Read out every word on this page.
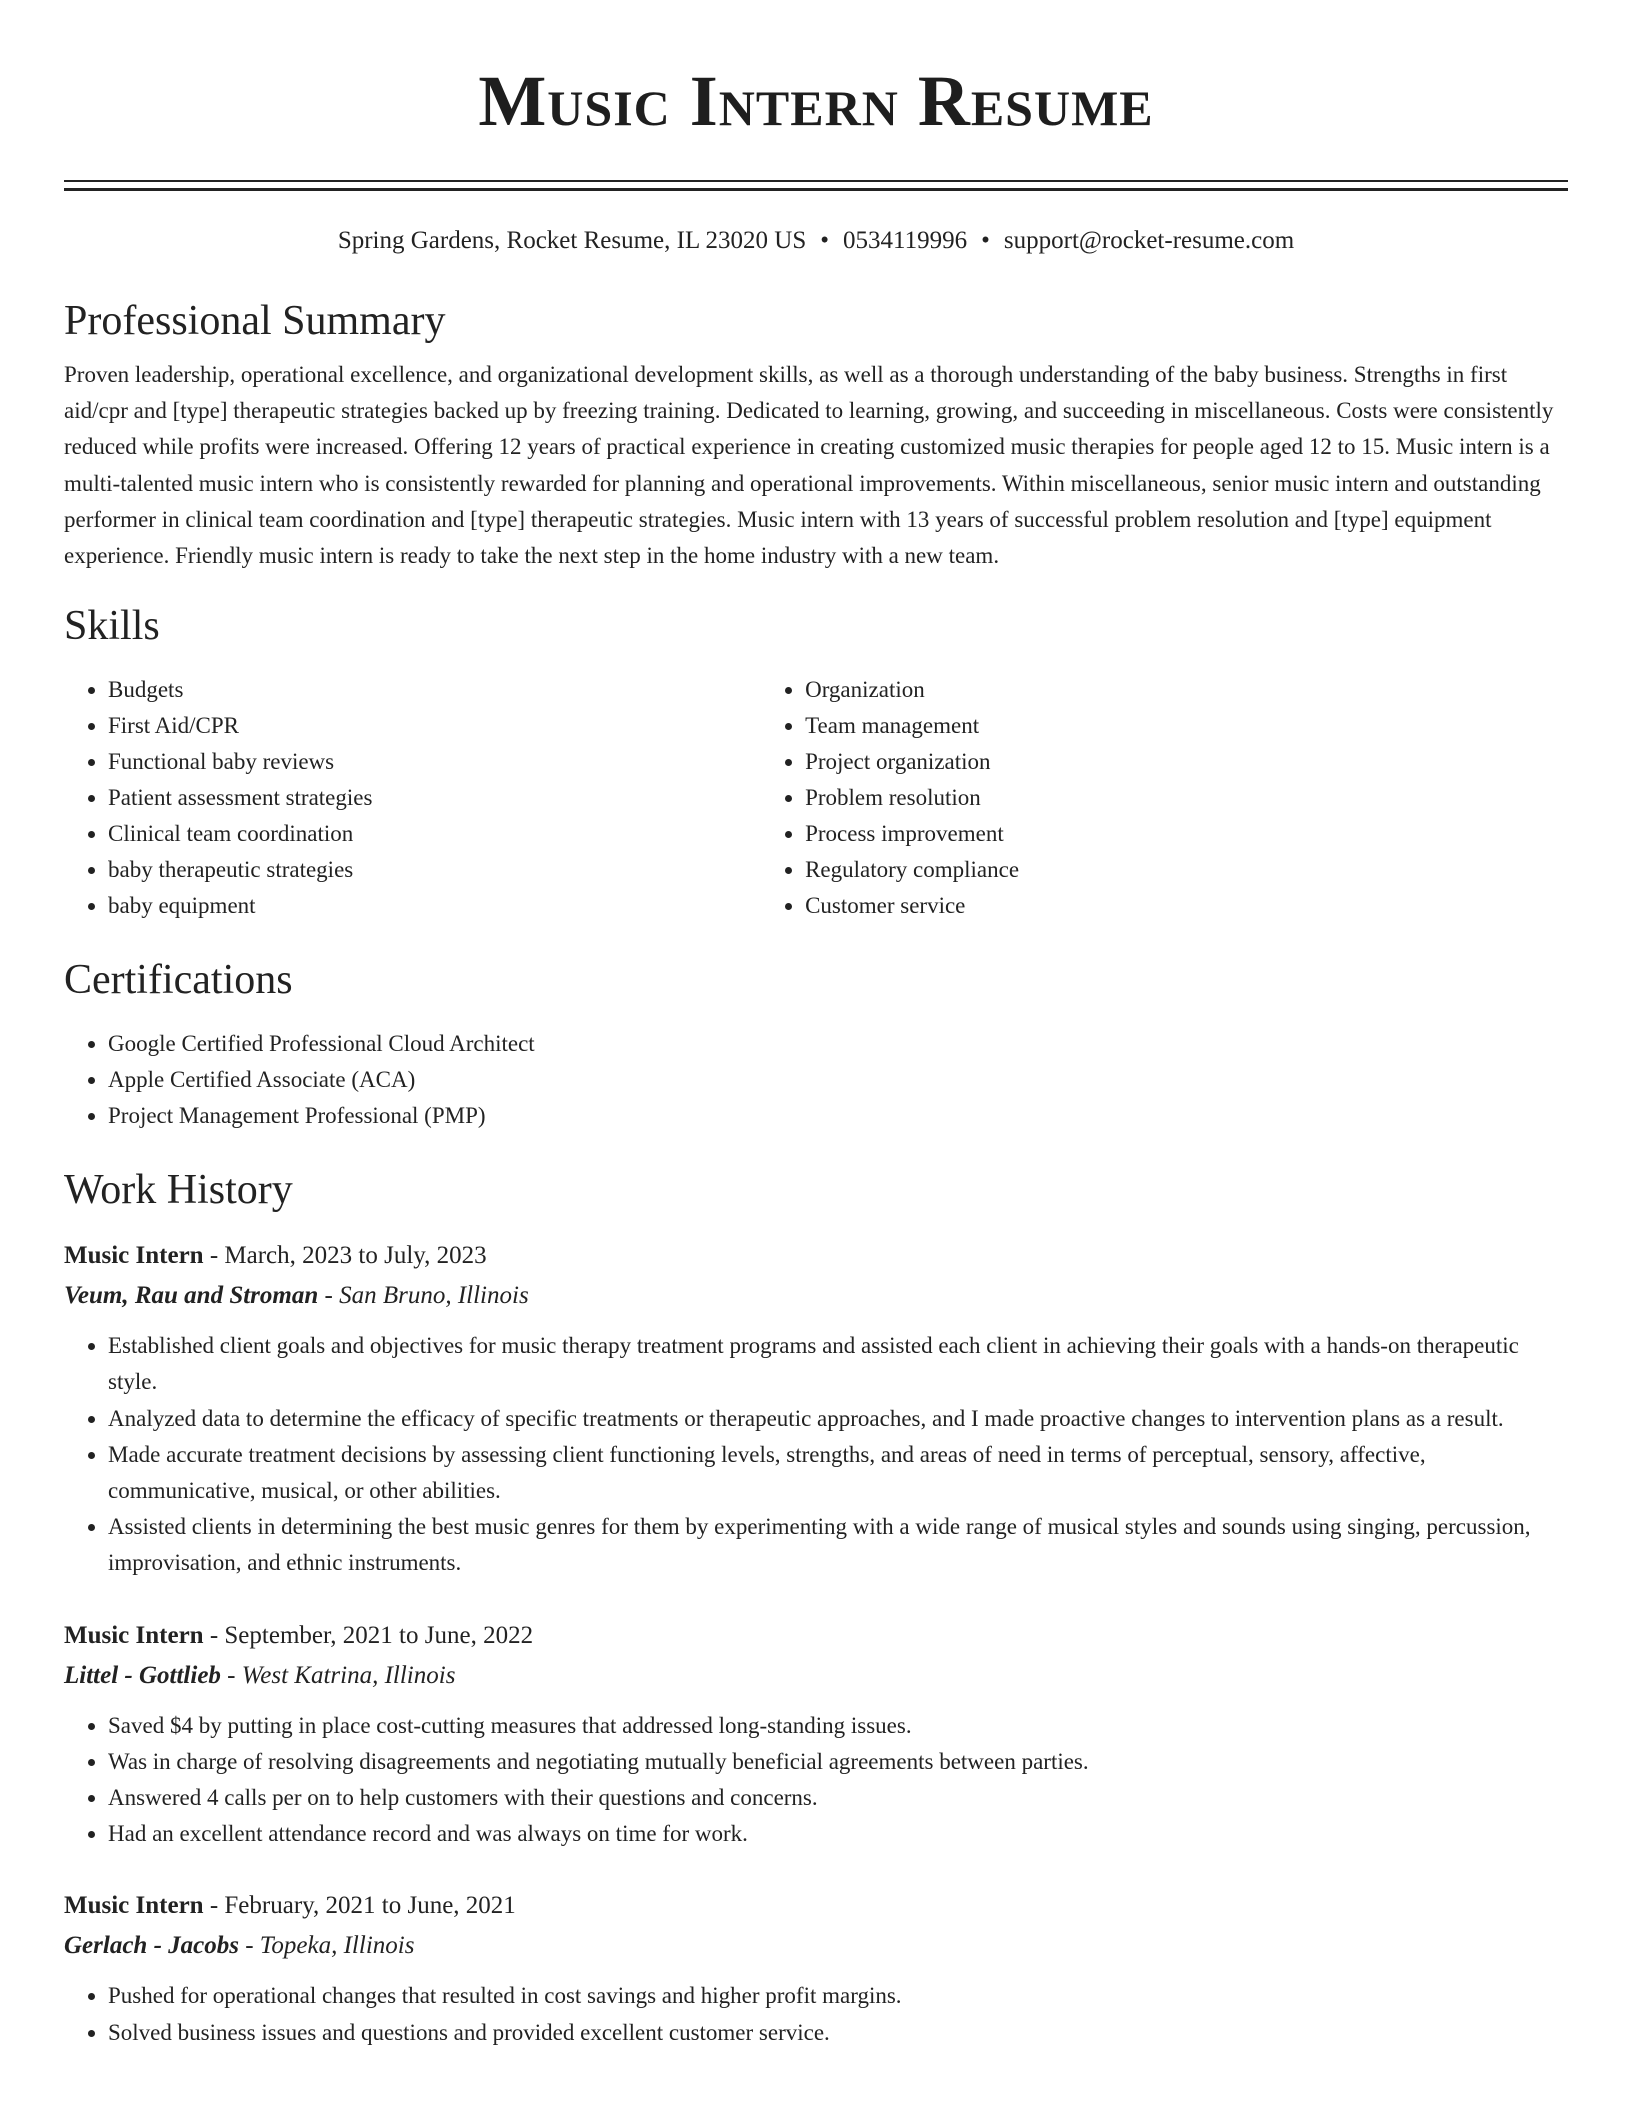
Music Intern Resume
Spring Gardens, Rocket Resume, IL 23020 US • 0534119996 • support@rocket-resume.com
Professional Summary

Proven leadership, operational excellence, and organizational development skills, as well as a thorough understanding of the baby business. Strengths in first aid/cpr and [type] therapeutic strategies backed up by freezing training. Dedicated to learning, growing, and succeeding in miscellaneous. Costs were consistently reduced while profits were increased. Offering 12 years of practical experience in creating customized music therapies for people aged 12 to 15. Music intern is a multi-talented music intern who is consistently rewarded for planning and operational improvements. Within miscellaneous, senior music intern and outstanding performer in clinical team coordination and [type] therapeutic strategies. Music intern with 13 years of successful problem resolution and [type] equipment experience. Friendly music intern is ready to take the next step in the home industry with a new team.

Skills
• Budgets
• First Aid/CPR
• Functional baby reviews
• Patient assessment strategies
• Clinical team coordination
• baby therapeutic strategies
• baby equipment
• Organization
• Team management
• Project organization
• Problem resolution
• Process improvement
• Regulatory compliance
• Customer service
Certifications
• Google Certified Professional Cloud Architect
• Apple Certified Associate (ACA)
• Project Management Professional (PMP)
Work History
Music Intern - March, 2023 to July, 2023
Veum, Rau and Stroman - San Bruno, Illinois
• Established client goals and objectives for music therapy treatment programs and assisted each client in achieving their goals with a hands-on therapeutic style.
• Analyzed data to determine the efficacy of specific treatments or therapeutic approaches, and I made proactive changes to intervention plans as a result.
• Made accurate treatment decisions by assessing client functioning levels, strengths, and areas of need in terms of perceptual, sensory, affective, communicative, musical, or other abilities.
• Assisted clients in determining the best music genres for them by experimenting with a wide range of musical styles and sounds using singing, percussion, improvisation, and ethnic instruments.
Music Intern - September, 2021 to June, 2022
Littel - Gottlieb - West Katrina, Illinois
• Saved $4 by putting in place cost-cutting measures that addressed long-standing issues.
• Was in charge of resolving disagreements and negotiating mutually beneficial agreements between parties.
• Answered 4 calls per on to help customers with their questions and concerns.
• Had an excellent attendance record and was always on time for work.
Music Intern - February, 2021 to June, 2021
Gerlach - Jacobs - Topeka, Illinois
• Pushed for operational changes that resulted in cost savings and higher profit margins.
• Solved business issues and questions and provided excellent customer service.
